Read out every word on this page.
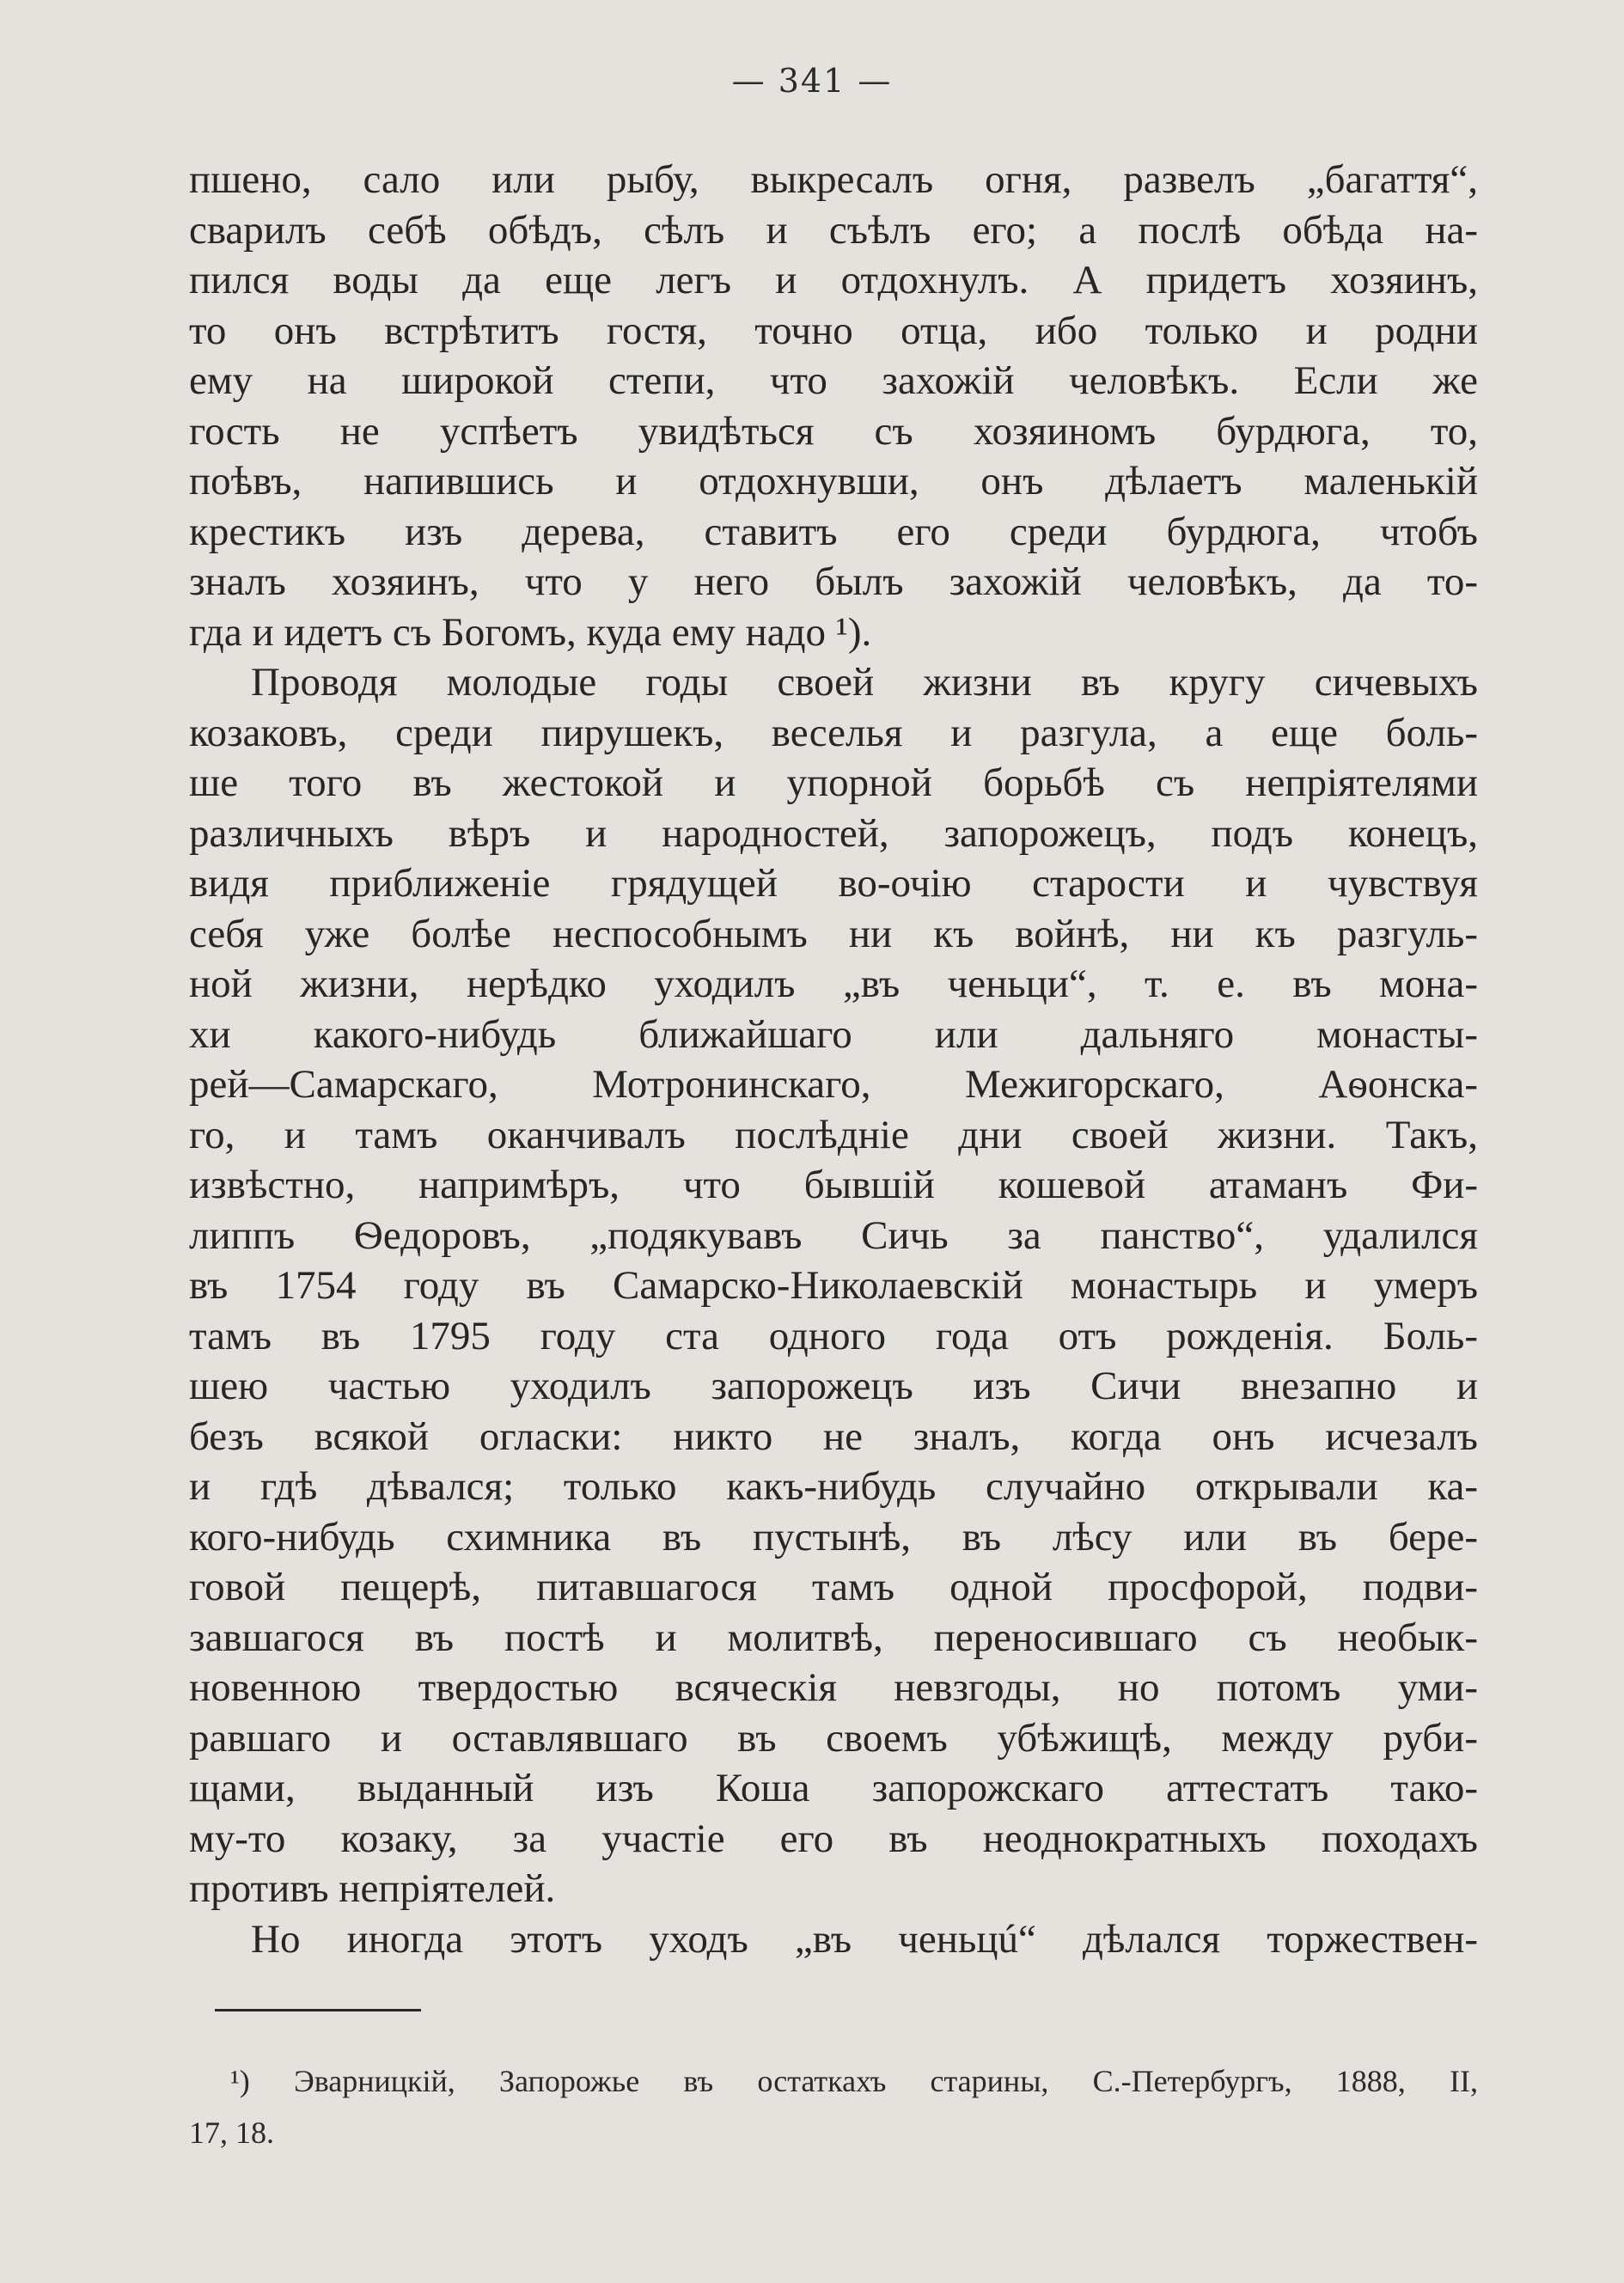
— 341 —
пшено, сало или рыбу, выкресалъ огня, развелъ „багаття“,
сварилъ себѣ обѣдъ, сѣлъ и съѣлъ его; а послѣ обѣда на-
пился воды да еще легъ и отдохнулъ. А придетъ хозяинъ,
то онъ встрѣтитъ гостя, точно отца, ибо только и родни
ему на широкой степи, что захожій человѣкъ. Если же
гость не успѣетъ увидѣться съ хозяиномъ бурдюга, то,
поѣвъ, напившись и отдохнувши, онъ дѣлаетъ маленькій
крестикъ изъ дерева, ставитъ его среди бурдюга, чтобъ
зналъ хозяинъ, что у него былъ захожій человѣкъ, да то-
гда и идетъ съ Богомъ, куда ему надо ¹).
Проводя молодые годы своей жизни въ кругу сичевыхъ
козаковъ, среди пирушекъ, веселья и разгула, а еще боль-
ше того въ жестокой и упорной борьбѣ съ непріятелями
различныхъ вѣръ и народностей, запорожецъ, подъ конецъ,
видя приближеніе грядущей во-очію старости и чувствуя
себя уже болѣе неспособнымъ ни къ войнѣ, ни къ разгуль-
ной жизни, нерѣдко уходилъ „въ ченьци“, т. е. въ мона-
хи какого-нибудь ближайшаго или дальняго монасты-
рей—Самарскаго, Мотронинскаго, Межигорскаго, Аѳонска-
го, и тамъ оканчивалъ послѣдніе дни своей жизни. Такъ,
извѣстно, напримѣръ, что бывшій кошевой атаманъ Фи-
липпъ Ѳедоровъ, „подякувавъ Сичь за панство“, удалился
въ 1754 году въ Самарско-Николаевскій монастырь и умеръ
тамъ въ 1795 году ста одного года отъ рожденія. Боль-
шею частью уходилъ запорожецъ изъ Сичи внезапно и
безъ всякой огласки: никто не зналъ, когда онъ исчезалъ
и гдѣ дѣвался; только какъ-нибудь случайно открывали ка-
кого-нибудь схимника въ пустынѣ, въ лѣсу или въ бере-
говой пещерѣ, питавшагося тамъ одной просфорой, подви-
завшагося въ постѣ и молитвѣ, переносившаго съ необык-
новенною твердостью всяческія невзгоды, но потомъ уми-
равшаго и оставлявшаго въ своемъ убѣжищѣ, между руби-
щами, выданный изъ Коша запорожскаго аттестатъ тако-
му-то козаку, за участіе его въ неоднократныхъ походахъ
противъ непріятелей.
Но иногда этотъ уходъ „въ ченьцú“ дѣлался торжествен-
¹) Эварницкій, Запорожье въ остаткахъ старины, С.-Петербургъ, 1888, II,
17, 18.
